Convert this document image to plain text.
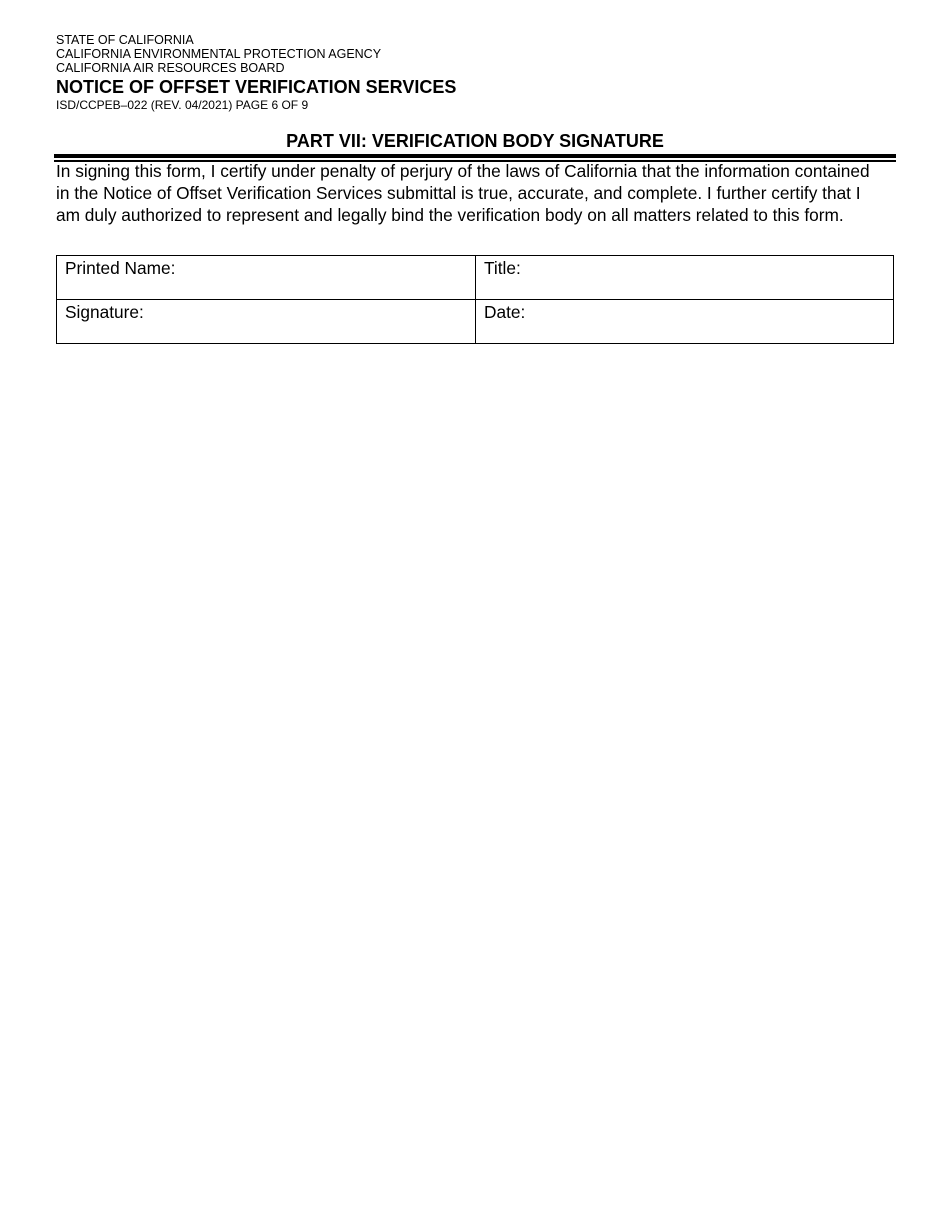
STATE OF CALIFORNIA

CALIFORNIA ENVIRONMENTAL PROTECTION AGENCY

CALIFORNIA AIR RESOURCES BOARD

NOTICE OF OFFSET VERIFICATION SERVICES

ISD/CCPEB–022 (REV. 04/2021) PAGE 6 OF 9

PART VII: VERIFICATION BODY SIGNATURE

In signing this form, I certify under penalty of perjury of the laws of California that the information contained in the Notice of Offset Verification Services submittal is true, accurate, and complete. I further certify that I am duly authorized to represent and legally bind the verification body on all matters related to this form.

Printed Name:	Title:
Signature:	Date:
